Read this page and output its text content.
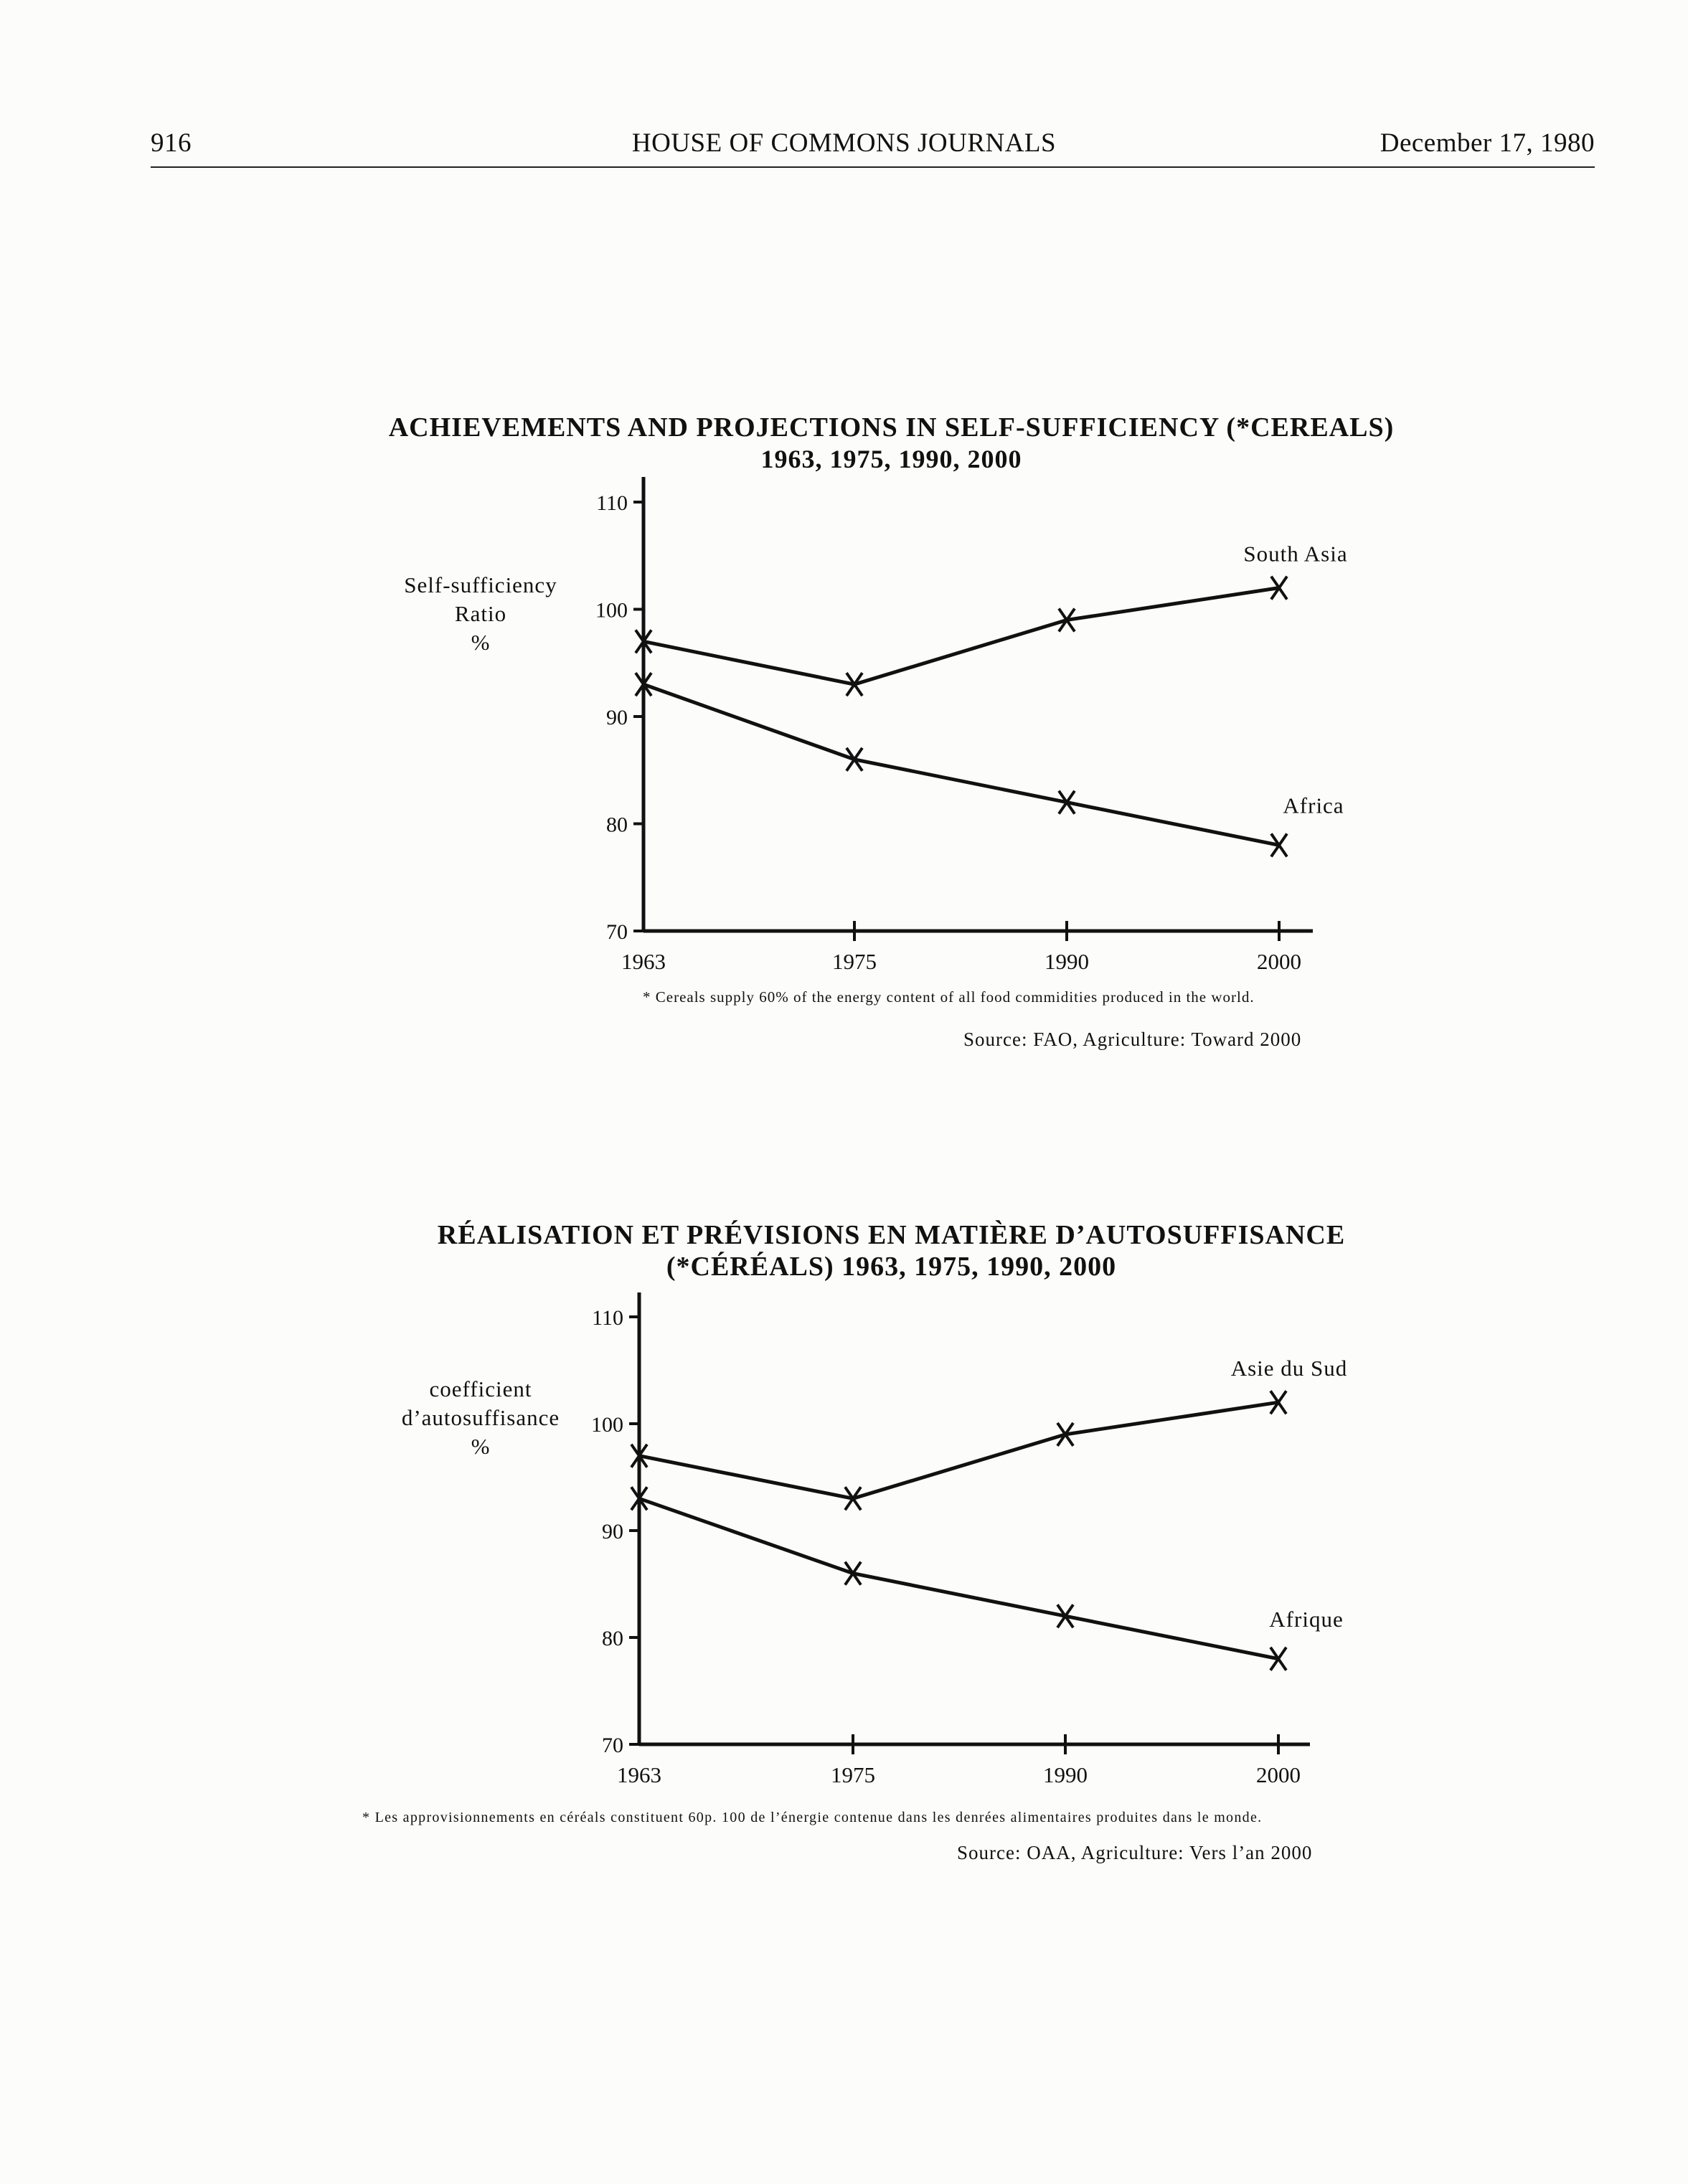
916	HOUSE OF COMMONS JOURNALS	December 17, 1980
ACHIEVEMENTS AND PROJECTIONS IN SELF-SUFFICIENCY (*CEREALS)
1963, 1975, 1990, 2000
Self-sufficiency
Ratio
%
70
80
90
100
110
1963	1975	1990	2000
South Asia
Africa
* Cereals supply 60% of the energy content of all food commidities produced in the world.
Source: FAO, Agriculture: Toward 2000
RÉALISATION ET PRÉVISIONS EN MATIÈRE D’AUTOSUFFISANCE
(*CÉRÉALS) 1963, 1975, 1990, 2000
coefficient
d’autosuffisance
%
70
80
90
100
110
1963	1975	1990	2000
Asie du Sud
Afrique
* Les approvisionnements en céréals constituent 60p. 100 de l’énergie contenue dans les denrées alimentaires produites dans le monde.
Source: OAA, Agriculture: Vers l’an 2000
